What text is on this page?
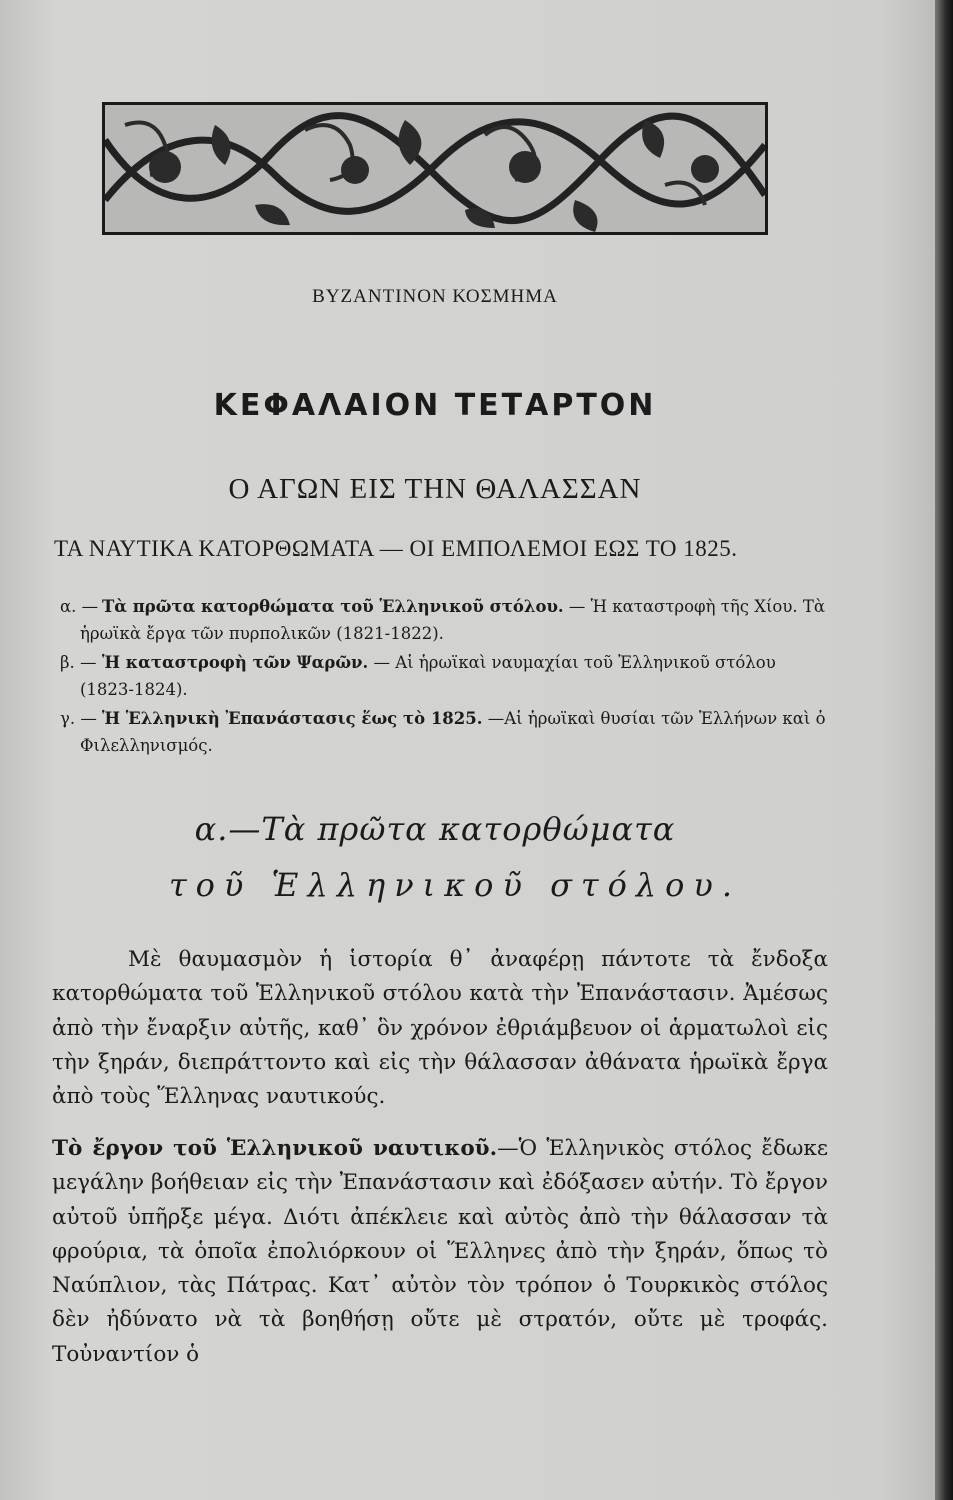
ΒΥΖΑΝΤΙΝΟΝ ΚΟΣΜΗΜΑ
ΚΕΦΑΛΑΙΟΝ ΤΕΤΑΡΤΟΝ
Ο ΑΓΩΝ ΕΙΣ ΤΗΝ ΘΑΛΑΣΣΑΝ
ΤΑ ΝΑΥΤΙΚΑ ΚΑΤΟΡΘΩΜΑΤΑ — ΟΙ ΕΜΠΟΛΕΜΟΙ ΕΩΣ ΤΟ 1825.
α. — Τὰ πρῶτα κατορθώματα τοῦ Ἑλληνικοῦ στόλου. — Ἡ καταστροφὴ τῆς Χίου. Τὰ ἡρωϊκὰ ἔργα τῶν πυρπολικῶν (1821-1822).
β. — Ἡ καταστροφὴ τῶν Ψαρῶν. — Αἱ ἡρωϊκαὶ ναυμαχίαι τοῦ Ἑλληνικοῦ στόλου (1823-1824).
γ. — Ἡ Ἑλληνικὴ Ἐπανάστασις ἕως τὸ 1825. —Αἱ ἡρωϊκαὶ θυσίαι τῶν Ἑλλήνων καὶ ὁ Φιλελληνισμός.
α.—Τὰ πρῶτα κατορθώματα
τοῦ Ἑλληνικοῦ στόλου.
Μὲ θαυμασμὸν ἡ ἱστορία θ᾽ ἀναφέρῃ πάντοτε τὰ ἔνδοξα κατορθώματα τοῦ Ἑλληνικοῦ στόλου κατὰ τὴν Ἐπανάστασιν. Ἀμέσως ἀπὸ τὴν ἔναρξιν αὐτῆς, καθ᾽ ὃν χρόνον ἐθριάμβευον οἱ ἁρματωλοὶ εἰς τὴν ξηράν, διεπράττοντο καὶ εἰς τὴν θάλασσαν ἀθάνατα ἡρωϊκὰ ἔργα ἀπὸ τοὺς Ἕλληνας ναυτικούς.
Τὸ ἔργον τοῦ Ἑλληνικοῦ ναυτικοῦ.—Ὁ Ἑλληνικὸς στόλος ἔδωκε μεγάλην βοήθειαν εἰς τὴν Ἐπανάστασιν καὶ ἐδόξασεν αὐτήν. Τὸ ἔργον αὐτοῦ ὑπῆρξε μέγα. Διότι ἀπέκλειε καὶ αὐτὸς ἀπὸ τὴν θάλασσαν τὰ φρούρια, τὰ ὁποῖα ἐπολιόρκουν οἱ Ἕλληνες ἀπὸ τὴν ξηράν, ὅπως τὸ Ναύπλιον, τὰς Πάτρας. Κατ᾽ αὐτὸν τὸν τρόπον ὁ Τουρκικὸς στόλος δὲν ἠδύνατο νὰ τὰ βοηθήσῃ οὔτε μὲ στρατόν, οὔτε μὲ τροφάς. Τοὐναντίον ὁ
